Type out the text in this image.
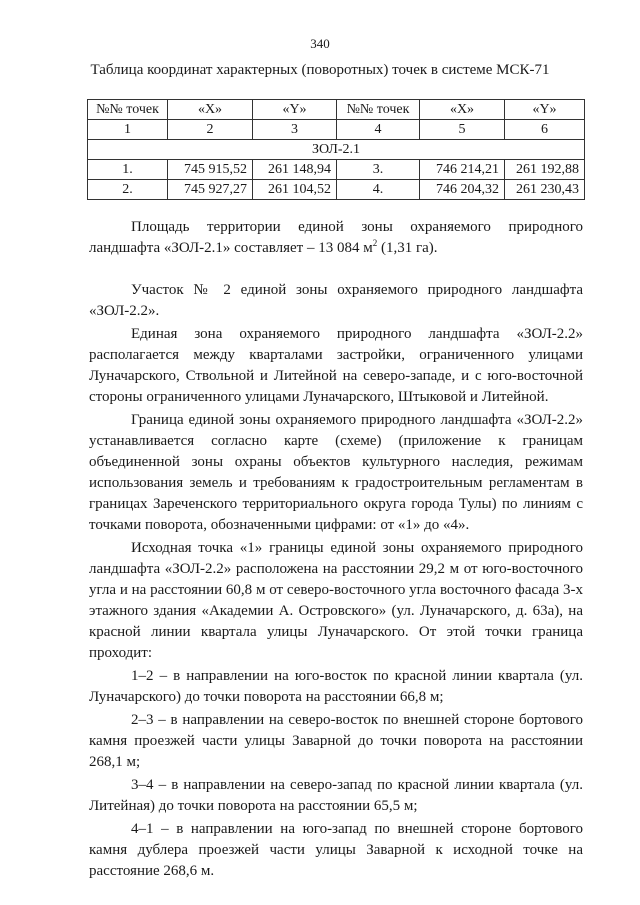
340
Таблица координат характерных (поворотных) точек в системе МСК-71
№№ точек	«X»	«Y»	№№ точек	«X»	«Y»
1	2	3	4	5	6
ЗОЛ-2.1					
1.	745 915,52	261 148,94	3.	746 214,21	261 192,88
2.	745 927,27	261 104,52	4.	746 204,32	261 230,43

Площадь территории единой зоны охраняемого природного ландшафта «ЗОЛ-2.1» составляет – 13 084 $м^2$ (1,31 га).

Участок № 2 единой зоны охраняемого природного ландшафта «ЗОЛ-2.2».

Единая зона охраняемого природного ландшафта «ЗОЛ-2.2» располагается между кварталами застройки, ограниченного улицами Луначарского, Ствольной и Литейной на северо-западе, и с юго-восточной стороны ограниченного улицами Луначарского, Штыковой и Литейной.

Граница единой зоны охраняемого природного ландшафта «ЗОЛ-2.2» устанавливается согласно карте (схеме) (приложение к границам объединенной зоны охраны объектов культурного наследия, режимам использования земель и требованиям к градостроительным регламентам в границах Зареченского территориального округа города Тулы) по линиям с точками поворота, обозначенными цифрами: от «1» до «4».

Исходная точка «1» границы единой зоны охраняемого природного ландшафта «ЗОЛ-2.2» расположена на расстоянии 29,2 м от юго-восточного угла и на расстоянии 60,8 м от северо-восточного угла восточного фасада 3-х этажного здания «Академии А. Островского» (ул. Луначарского, д. 63а), на красной линии квартала улицы Луначарского. От этой точки граница проходит:

1–2 – в направлении на юго-восток по красной линии квартала (ул. Луначарского) до точки поворота на расстоянии 66,8 м;

2–3 – в направлении на северо-восток по внешней стороне бортового камня проезжей части улицы Заварной до точки поворота на расстоянии 268,1 м;

3–4 – в направлении на северо-запад по красной линии квартала (ул. Литейная) до точки поворота на расстоянии 65,5 м;

4–1 – в направлении на юго-запад по внешней стороне бортового камня дублера проезжей части улицы Заварной к исходной точке на расстояние 268,6 м.
